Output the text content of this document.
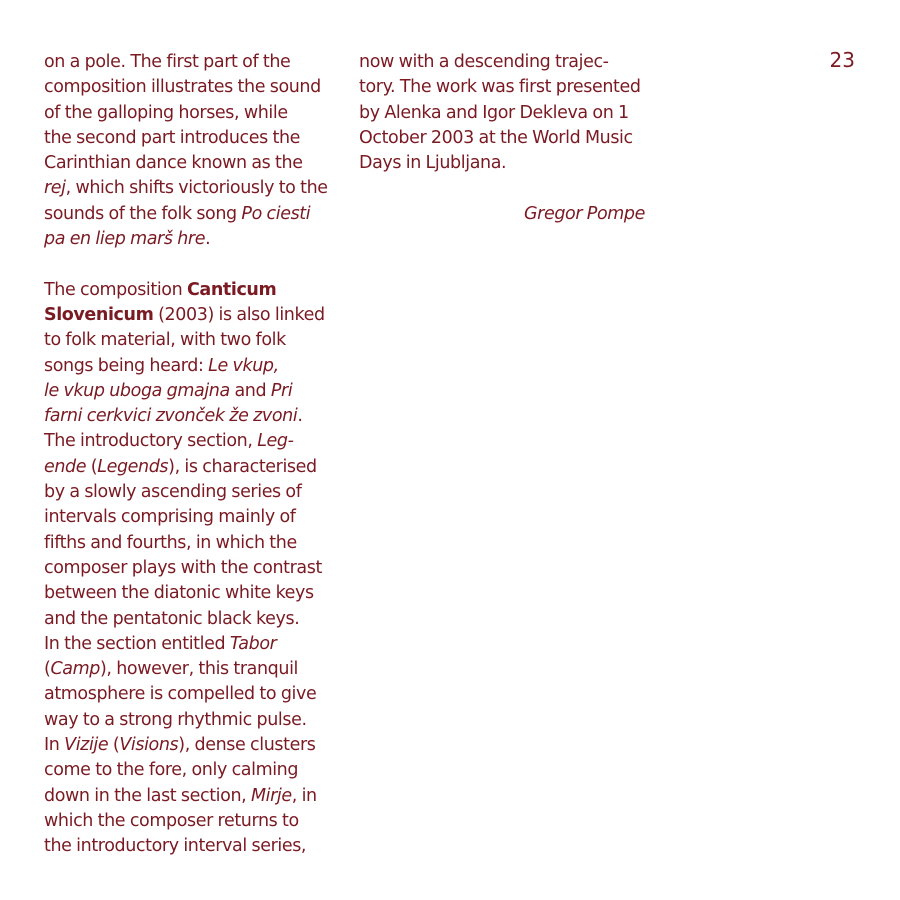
23
on a pole. The first part of the
composition illustrates the sound
of the galloping horses, while
the second part introduces the
Carinthian dance known as the
rej, which shifts victoriously to the
sounds of the folk song Po ciesti
pa en liep marš hre.
The composition Canticum
Slovenicum (2003) is also linked
to folk material, with two folk
songs being heard: Le vkup,
le vkup uboga gmajna and Pri
farni cerkvici zvonček že zvoni.
The introductory section, Leg-
ende (Legends), is characterised
by a slowly ascending series of
intervals comprising mainly of
fifths and fourths, in which the
composer plays with the contrast
between the diatonic white keys
and the pentatonic black keys.
In the section entitled Tabor
(Camp), however, this tranquil
atmosphere is compelled to give
way to a strong rhythmic pulse.
In Vizije (Visions), dense clusters
come to the fore, only calming
down in the last section, Mirje, in
which the composer returns to
the introductory interval series,
now with a descending trajec-
tory. The work was first presented
by Alenka and Igor Dekleva on 1
October 2003 at the World Music
Days in Ljubljana.
Gregor Pompe
